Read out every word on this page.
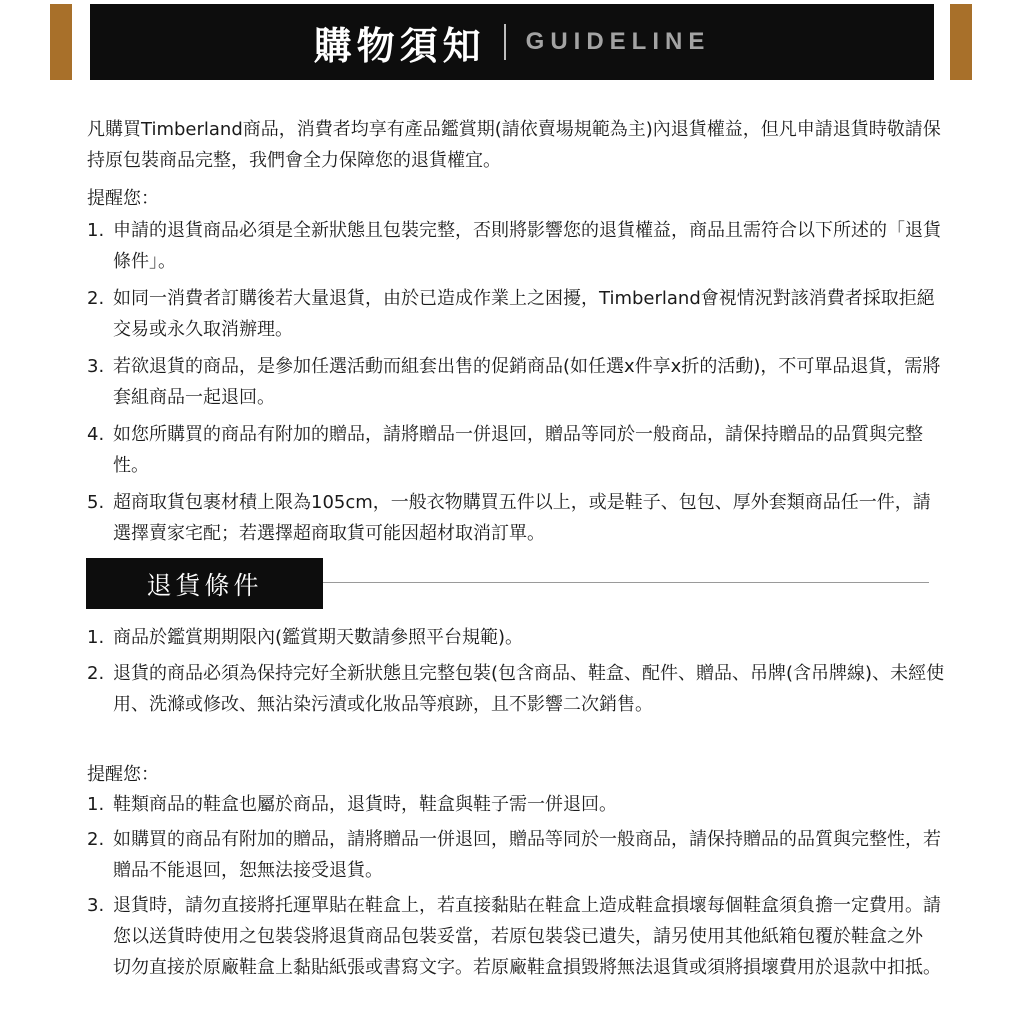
購物須知 GUIDELINE
凡購買Timberland商品，消費者均享有產品鑑賞期(請依賣場規範為主)內退貨權益，但凡申請退貨時敬請保持原包裝商品完整，我們會全力保障您的退貨權宜。
提醒您：
1. 申請的退貨商品必須是全新狀態且包裝完整，否則將影響您的退貨權益，商品且需符合以下所述的「退貨條件」。
2. 如同一消費者訂購後若大量退貨，由於已造成作業上之困擾，Timberland會視情況對該消費者採取拒絕交易或永久取消辦理。
3. 若欲退貨的商品，是參加任選活動而組套出售的促銷商品(如任選x件享x折的活動)，不可單品退貨，需將套組商品一起退回。
4. 如您所購買的商品有附加的贈品，請將贈品一併退回，贈品等同於一般商品，請保持贈品的品質與完整性。
5. 超商取貨包裹材積上限為105cm，一般衣物購買五件以上，或是鞋子、包包、厚外套類商品任一件，請選擇賣家宅配；若選擇超商取貨可能因超材取消訂單。
退貨條件
1. 商品於鑑賞期期限內(鑑賞期天數請參照平台規範)。
2. 退貨的商品必須為保持完好全新狀態且完整包裝(包含商品、鞋盒、配件、贈品、吊牌(含吊牌線)、未經使用、洗滌或修改、無沾染污漬或化妝品等痕跡，且不影響二次銷售。
提醒您：
1. 鞋類商品的鞋盒也屬於商品，退貨時，鞋盒與鞋子需一併退回。
2. 如購買的商品有附加的贈品，請將贈品一併退回，贈品等同於一般商品，請保持贈品的品質與完整性，若贈品不能退回，恕無法接受退貨。
3. 退貨時，請勿直接將托運單貼在鞋盒上，若直接黏貼在鞋盒上造成鞋盒損壞每個鞋盒須負擔一定費用。請您以送貨時使用之包裝袋將退貨商品包裝妥當，若原包裝袋已遺失，請另使用其他紙箱包覆於鞋盒之外　切勿直接於原廠鞋盒上黏貼紙張或書寫文字。若原廠鞋盒損毀將無法退貨或須將損壞費用於退款中扣抵。
